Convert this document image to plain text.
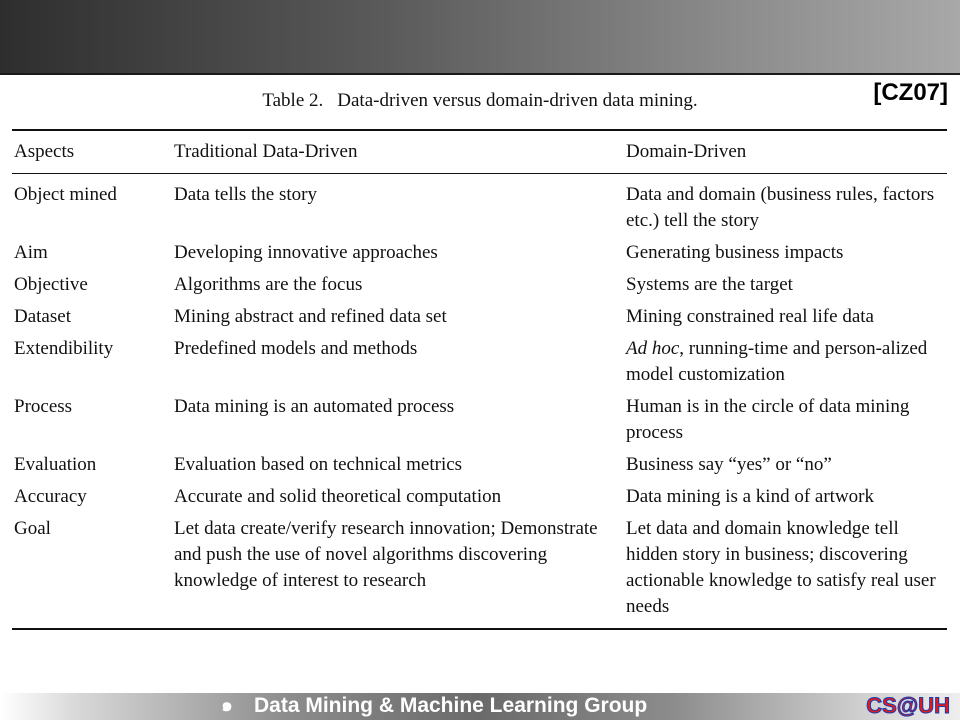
[CZ07]
Table 2. Data-driven versus domain-driven data mining.
Aspects	Traditional Data-Driven	Domain-Driven
Object mined	Data tells the story	Data and domain (business rules, factors etc.) tell the story
Aim	Developing innovative approaches	Generating business impacts
Objective	Algorithms are the focus	Systems are the target
Dataset	Mining abstract and refined data set	Mining constrained real life data
Extendibility	Predefined models and methods	Ad hoc, running-time and person-alized model customization
Process	Data mining is an automated process	Human is in the circle of data mining process
Evaluation	Evaluation based on technical metrics	Business say “yes” or “no”
Accuracy	Accurate and solid theoretical computation	Data mining is a kind of artwork
Goal	Let data create/verify research innovation; Demonstrate and push the use of novel algorithms discovering knowledge of interest to research	Let data and domain knowledge tell hidden story in business; discovering actionable knowledge to satisfy real user needs
๑ Data Mining & Machine Learning Group	CS@UH
